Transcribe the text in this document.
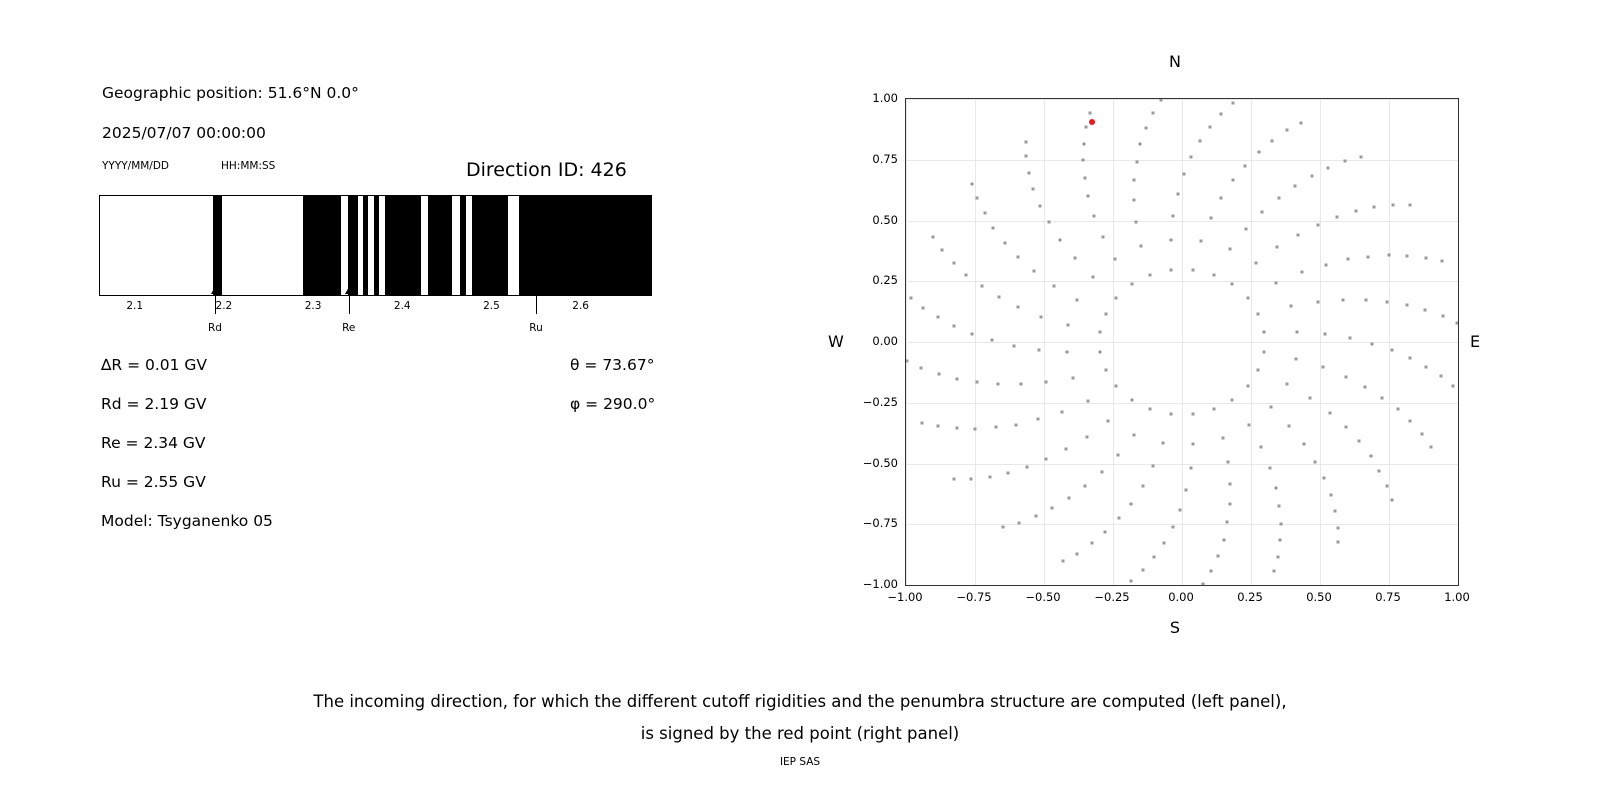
Geographic position: 51.6°N 0.0°
2025/07/07 00:00:00
YYYY/MM/DD	HH:MM:SS	Direction ID: 426
2.1	2.2	2.3	2.4	2.5	2.6
Rd	Re	Ru
∆R = 0.01 GV
Rd = 2.19 GV
Re = 2.34 GV
Ru = 2.55 GV
Model: Tsyganenko 05
θ = 73.67°
φ = 290.0°
N
S
W	E
−1.00
−0.75
−0.50
−0.25
0.00
0.25
0.50
0.75
1.00
−1.00	−0.75	−0.50	−0.25	0.00	0.25	0.50	0.75	1.00
The incoming direction, for which the different cutoff rigidities and the penumbra structure are computed (left panel),
is signed by the red point (right panel)
IEP SAS
